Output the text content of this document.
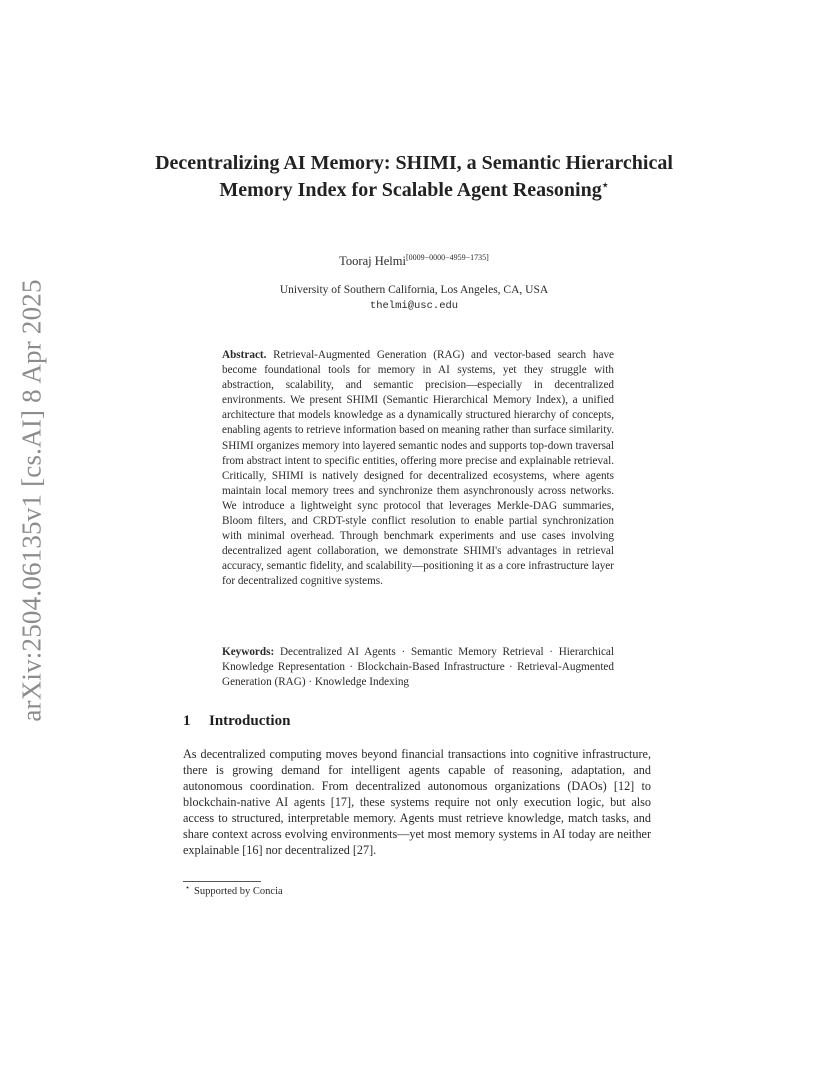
arXiv:2504.06135v1 [cs.AI] 8 Apr 2025
Decentralizing AI Memory: SHIMI, a Semantic Hierarchical Memory Index for Scalable Agent Reasoning⋆
Tooraj Helmi[0009−0000−4959−1735]
University of Southern California, Los Angeles, CA, USA
thelmi@usc.edu

Abstract. Retrieval-Augmented Generation (RAG) and vector-based search have become foundational tools for memory in AI systems, yet they struggle with abstraction, scalability, and semantic precision—especially in decentralized environments. We present SHIMI (Semantic Hierarchical Memory Index), a unified architecture that models knowledge as a dynamically structured hierarchy of concepts, enabling agents to retrieve information based on meaning rather than surface similarity. SHIMI organizes memory into layered semantic nodes and supports top-down traversal from abstract intent to specific entities, offering more precise and explainable retrieval. Critically, SHIMI is natively designed for decentralized ecosystems, where agents maintain local memory trees and synchronize them asynchronously across networks. We introduce a lightweight sync protocol that leverages Merkle-DAG summaries, Bloom filters, and CRDT-style conflict resolution to enable partial synchronization with minimal overhead. Through benchmark experiments and use cases involving decentralized agent collaboration, we demonstrate SHIMI's advantages in retrieval accuracy, semantic fidelity, and scalability—positioning it as a core infrastructure layer for decentralized cognitive systems.

Keywords: Decentralized AI Agents · Semantic Memory Retrieval · Hierarchical Knowledge Representation · Blockchain-Based Infrastructure · Retrieval-Augmented Generation (RAG) · Knowledge Indexing

1 Introduction

As decentralized computing moves beyond financial transactions into cognitive infrastructure, there is growing demand for intelligent agents capable of reasoning, adaptation, and autonomous coordination. From decentralized autonomous organizations (DAOs) [12] to blockchain-native AI agents [17], these systems require not only execution logic, but also access to structured, interpretable memory. Agents must retrieve knowledge, match tasks, and share context across evolving environments—yet most memory systems in AI today are neither explainable [16] nor decentralized [27].

⋆ Supported by Concia
